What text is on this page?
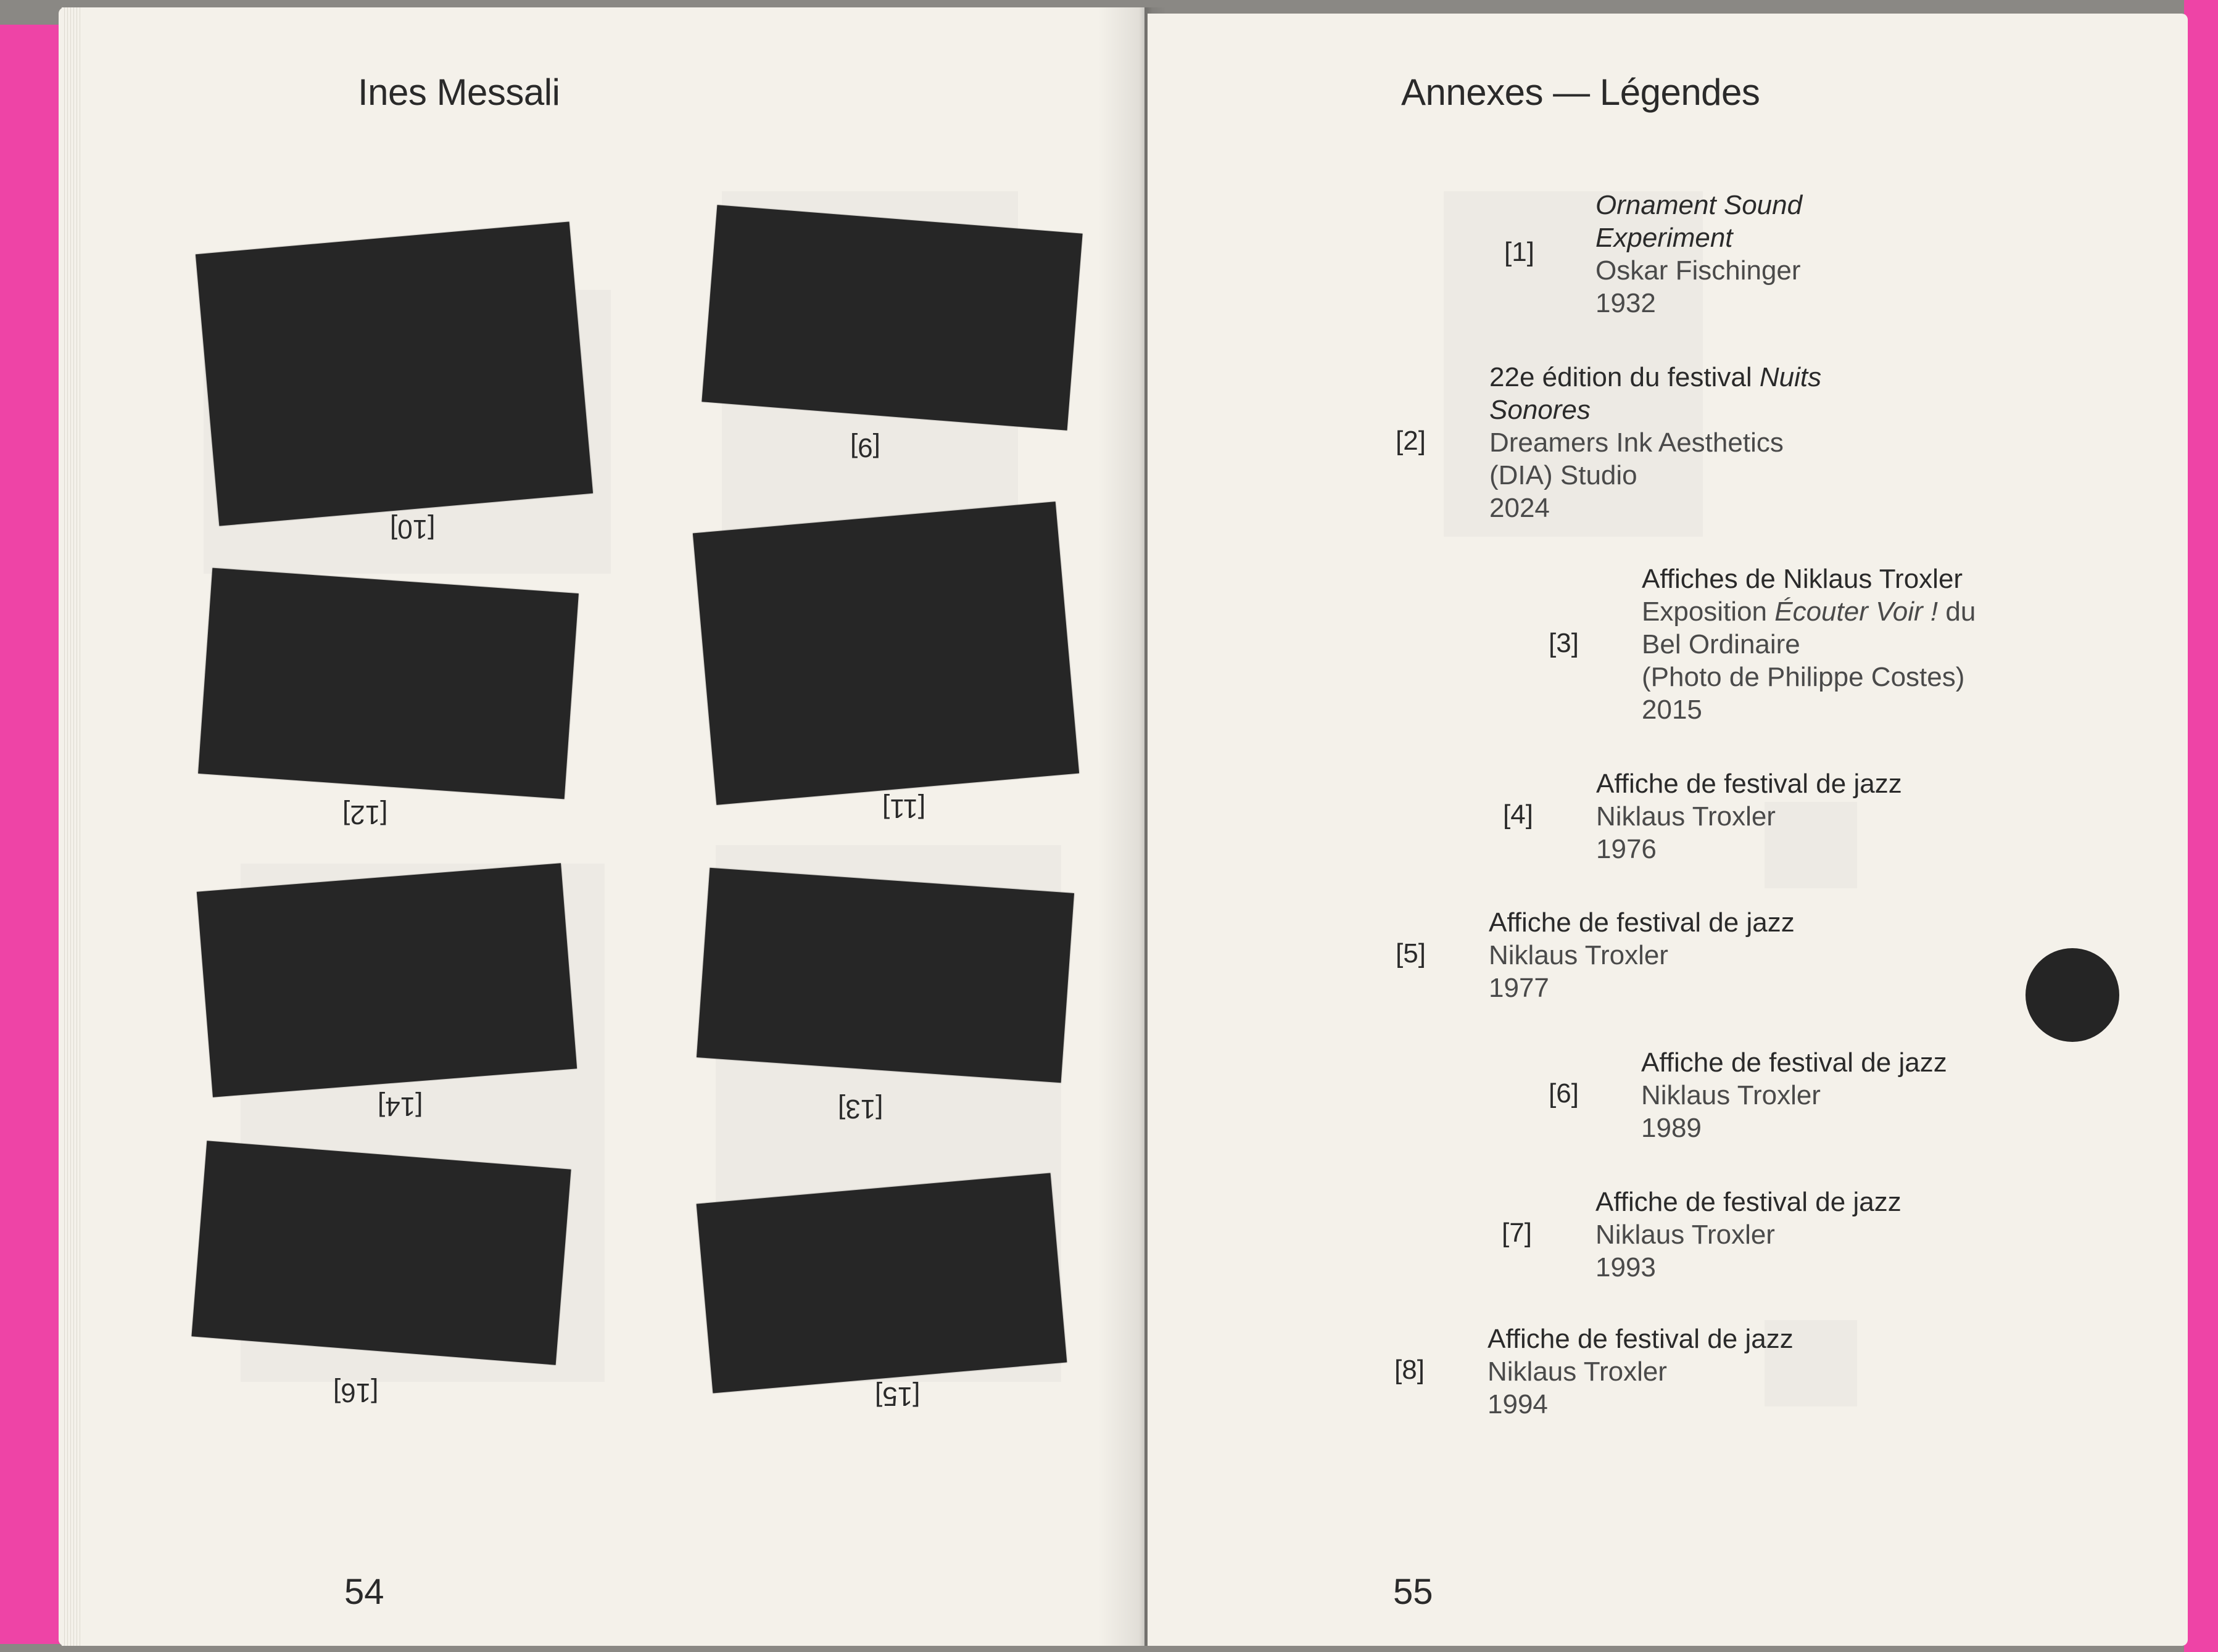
Ines Messali
[10]
[9]
[12]	[11]
[14]	[13]
[16]	[15]
54
Annexes — Légendes
55
[1]
Ornament Sound Experiment
Oskar Fischinger
1932
[2]
22e édition du festival Nuits Sonores
Dreamers Ink Aesthetics
(DIA) Studio
2024
[3]
Affiches de Niklaus Troxler
Exposition Écouter Voir ! du
Bel Ordinaire
(Photo de Philippe Costes)
2015
[4]
Affiche de festival de jazz
Niklaus Troxler
1976
[5]
Affiche de festival de jazz
Niklaus Troxler
1977
[6]
Affiche de festival de jazz
Niklaus Troxler
1989
[7]
Affiche de festival de jazz
Niklaus Troxler
1993
[8]
Affiche de festival de jazz
Niklaus Troxler
1994
